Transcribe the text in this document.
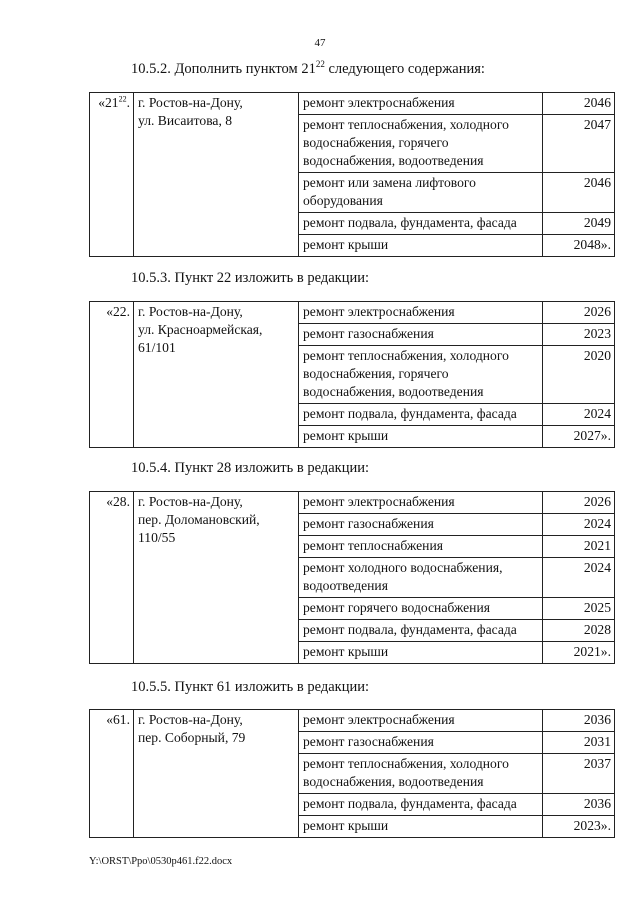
47
10.5.2. Дополнить пунктом $21^{22}$ следующего содержания:
«$21^{22}$.	г. Ростов-на-Дону,
ул. Висаитова, 8	ремонт электроснабжения	2046
		ремонт теплоснабжения, холодного водоснабжения, горячего водоснабжения, водоотведения	2047
		ремонт или замена лифтового оборудования	2046
		ремонт подвала, фундамента, фасада	2049
		ремонт крыши	2048».
10.5.3. Пункт 22 изложить в редакции:
«22.	г. Ростов-на-Дону,
ул. Красноармейская,
61/101	ремонт электроснабжения	2026
		ремонт газоснабжения	2023
		ремонт теплоснабжения, холодного водоснабжения, горячего водоснабжения, водоотведения	2020
		ремонт подвала, фундамента, фасада	2024
		ремонт крыши	2027».
10.5.4. Пункт 28 изложить в редакции:
«28.	г. Ростов-на-Дону,
пер. Доломановский,
110/55	ремонт электроснабжения	2026
		ремонт газоснабжения	2024
		ремонт теплоснабжения	2021
		ремонт холодного водоснабжения, водоотведения	2024
		ремонт горячего водоснабжения	2025
		ремонт подвала, фундамента, фасада	2028
		ремонт крыши	2021».
10.5.5. Пункт 61 изложить в редакции:
«61.	г. Ростов-на-Дону,
пер. Соборный, 79	ремонт электроснабжения	2036
		ремонт газоснабжения	2031
		ремонт теплоснабжения, холодного водоснабжения, водоотведения	2037
		ремонт подвала, фундамента, фасада	2036
		ремонт крыши	2023».
Y:\ORST\Ppo\0530p461.f22.docx
